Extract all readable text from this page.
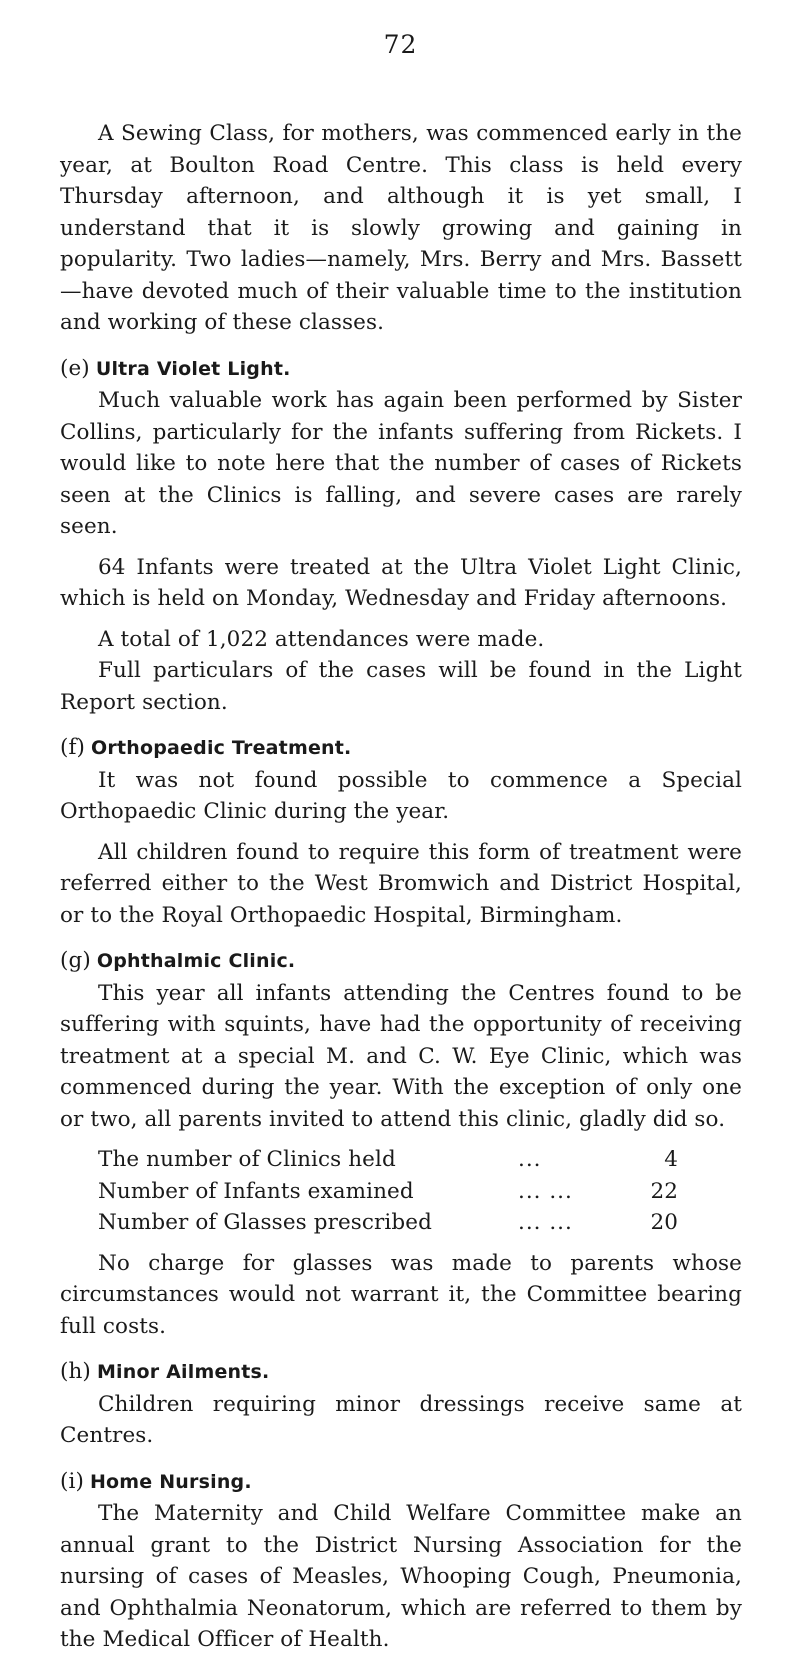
72

A Sewing Class, for mothers, was commenced early in the year, at Boulton Road Centre. This class is held every Thursday afternoon, and although it is yet small, I understand that it is slowly growing and gaining in popularity. Two ladies—namely, Mrs. Berry and Mrs. Bassett—have devoted much of their valuable time to the institution and working of these classes.

(e) Ultra Violet Light.

Much valuable work has again been performed by Sister Collins, particularly for the infants suffering from Rickets. I would like to note here that the number of cases of Rickets seen at the Clinics is falling, and severe cases are rarely seen.

64 Infants were treated at the Ultra Violet Light Clinic, which is held on Monday, Wednesday and Friday afternoons.

A total of 1,022 attendances were made.

Full particulars of the cases will be found in the Light Report section.

(f) Orthopaedic Treatment.

It was not found possible to commence a Special Orthopaedic Clinic during the year.

All children found to require this form of treatment were referred either to the West Bromwich and District Hospital, or to the Royal Orthopaedic Hospital, Birmingham.

(g) Ophthalmic Clinic.

This year all infants attending the Centres found to be suffering with squints, have had the opportunity of receiving treatment at a special M. and C. W. Eye Clinic, which was commenced during the year. With the exception of only one or two, all parents invited to attend this clinic, gladly did so.

The number of Clinics held	...	4
Number of Infants examined	... ...	22
Number of Glasses prescribed	... ...	20

No charge for glasses was made to parents whose circumstances would not warrant it, the Committee bearing full costs.

(h) Minor Ailments.

Children requiring minor dressings receive same at Centres.

(i) Home Nursing.

The Maternity and Child Welfare Committee make an annual grant to the District Nursing Association for the nursing of cases of Measles, Whooping Cough, Pneumonia, and Ophthalmia Neonatorum, which are referred to them by the Medical Officer of Health.
